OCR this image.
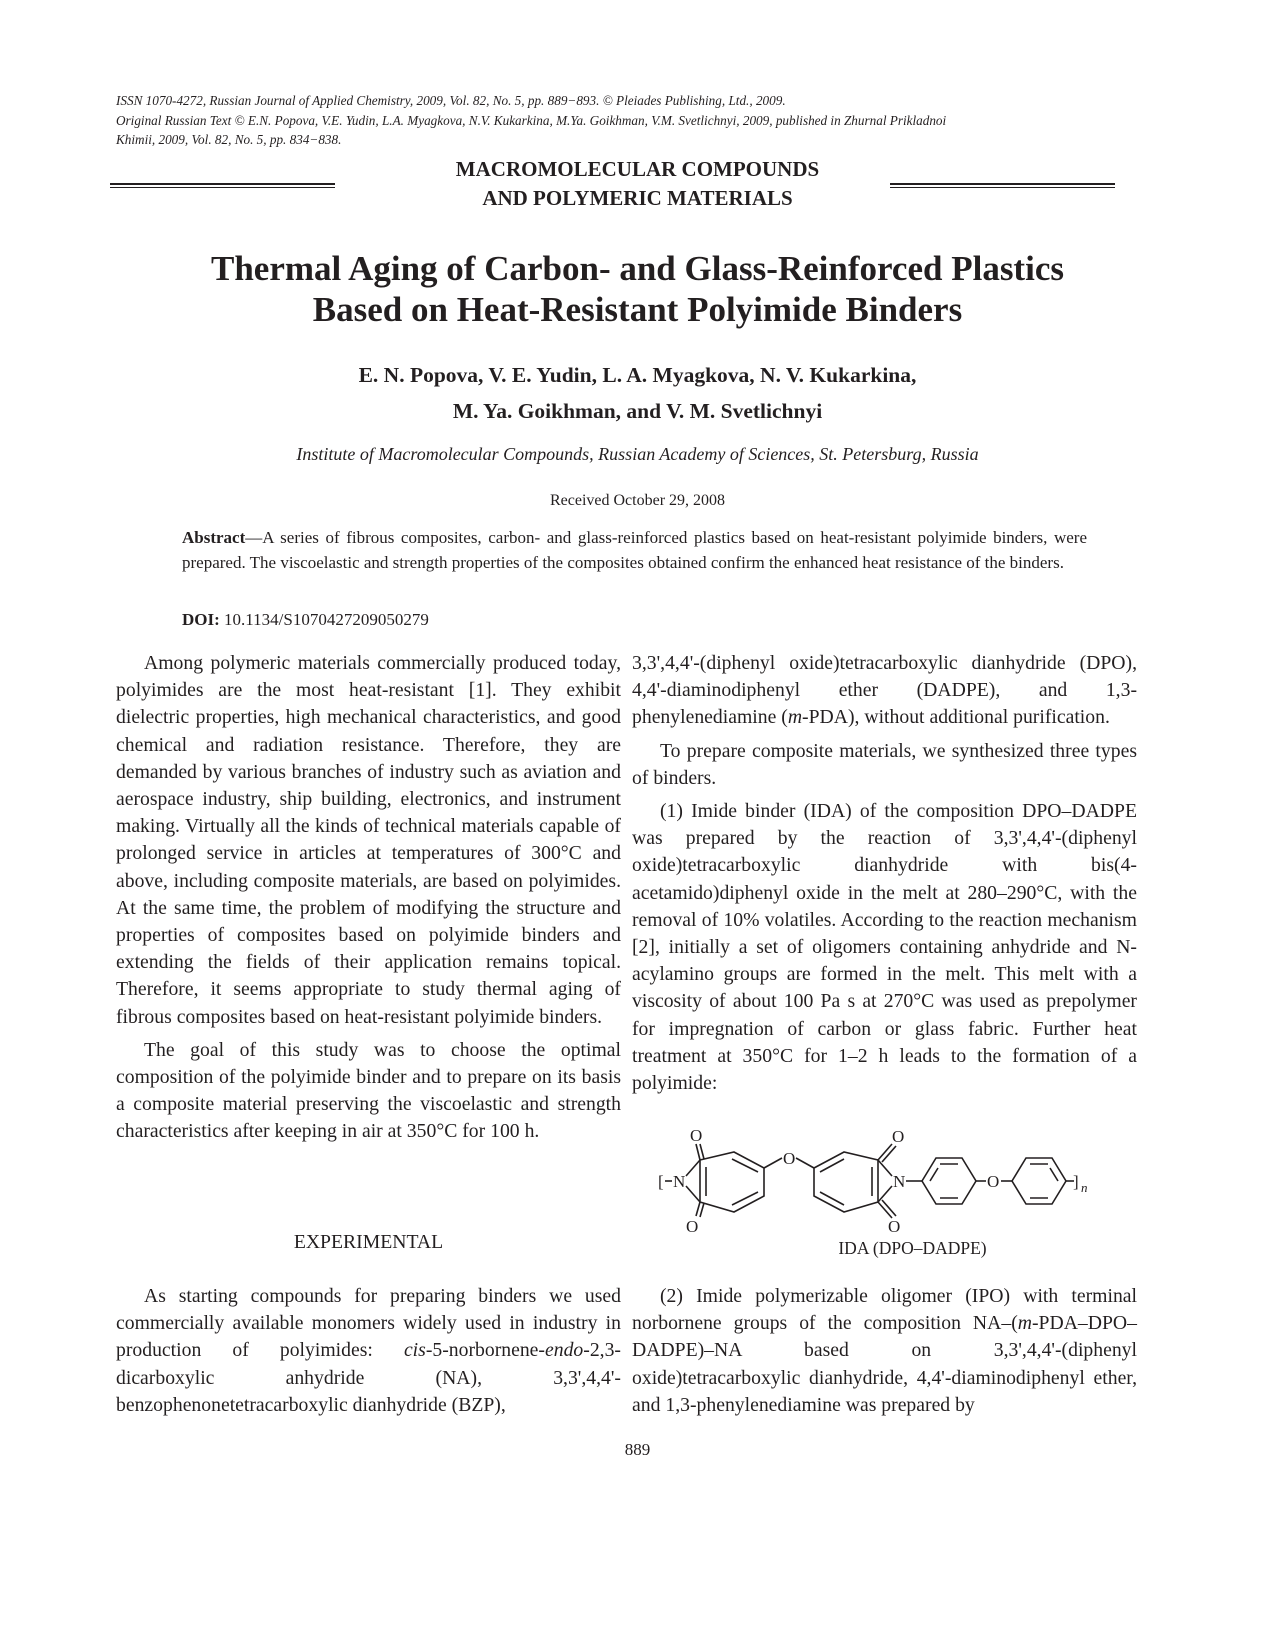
ISSN 1070-4272, Russian Journal of Applied Chemistry, 2009, Vol. 82, No. 5, pp. 889−893. © Pleiades Publishing, Ltd., 2009.
Original Russian Text © E.N. Popova, V.E. Yudin, L.A. Myagkova, N.V. Kukarkina, M.Ya. Goikhman, V.M. Svetlichnyi, 2009, published in Zhurnal Prikladnoi
Khimii, 2009, Vol. 82, No. 5, pp. 834−838.
MACROMOLECULAR COMPOUNDS
AND POLYMERIC MATERIALS
Thermal Aging of Carbon- and Glass-Reinforced Plastics
Based on Heat-Resistant Polyimide Binders
E. N. Popova, V. E. Yudin, L. A. Myagkova, N. V. Kukarkina,
M. Ya. Goikhman, and V. M. Svetlichnyi
Institute of Macromolecular Compounds, Russian Academy of Sciences, St. Petersburg, Russia
Received October 29, 2008
Abstract—A series of fibrous composites, carbon- and glass-reinforced plastics based on heat-resistant polyimide binders, were prepared. The viscoelastic and strength properties of the composites obtained confirm the enhanced heat resistance of the binders.
DOI: 10.1134/S1070427209050279

Among polymeric materials commercially produced today, polyimides are the most heat-resistant [1]. They exhibit dielectric properties, high mechanical characteristics, and good chemical and radiation resistance. Therefore, they are demanded by various branches of industry such as aviation and aerospace industry, ship building, electronics, and instrument making. Virtually all the kinds of technical materials capable of prolonged service in articles at temperatures of 300°C and above, including composite materials, are based on polyimides. At the same time, the problem of modifying the structure and properties of composites based on polyimide binders and extending the fields of their application remains topical. Therefore, it seems appropriate to study thermal aging of fibrous composites based on heat-resistant polyimide binders.

The goal of this study was to choose the optimal composition of the polyimide binder and to prepare on its basis a composite material preserving the viscoelastic and strength characteristics after keeping in air at 350°C for 100 h.

EXPERIMENTAL

As starting compounds for preparing binders we used commercially available monomers widely used in industry in production of polyimides: cis-5-norbornene-endo-2,3-dicarboxylic anhydride (NA), 3,3',4,4'-benzophenonetetracarboxylic dianhydride (BZP),

3,3',4,4'-(diphenyl oxide)tetracarboxylic dianhydride (DPO), 4,4'-diaminodiphenyl ether (DADPE), and 1,3-phenylenediamine (m-PDA), without additional purification.

To prepare composite materials, we synthesized three types of binders.

(1) Imide binder (IDA) of the composition DPO–DADPE was prepared by the reaction of 3,3',4,4'-(diphenyl oxide)tetracarboxylic dianhydride with bis(4-acetamido)diphenyl oxide in the melt at 280–290°C, with the removal of 10% volatiles. According to the reaction mechanism [2], initially a set of oligomers containing anhydride and N-acylamino groups are formed in the melt. This melt with a viscosity of about 100 Pa s at 270°C was used as prepolymer for impregnation of carbon or glass fabric. Further heat treatment at 350°C for 1–2 h leads to the formation of a polyimide:

[ N
O
O
O
O
O
N	O	] n
IDA (DPO–DADPE)

(2) Imide polymerizable oligomer (IPO) with terminal norbornene groups of the composition NA–(m-PDA–DPO–DADPE)–NA based on 3,3',4,4'-(diphenyl oxide)tetracarboxylic dianhydride, 4,4'-diaminodiphenyl ether, and 1,3-phenylenediamine was prepared by

889
